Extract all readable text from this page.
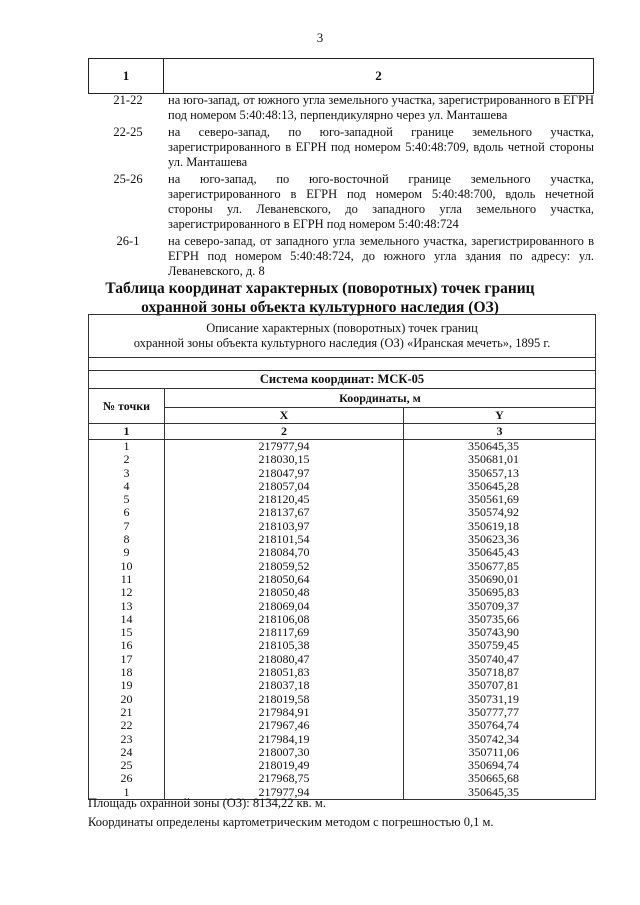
3
1	2
21-22	на юго-запад, от южного угла земельного участка, зарегистрированного в ЕГРН под номером 5:40:48:13, перпендикулярно через ул. Манташева
22-25	на северо-запад, по юго-западной границе земельного участка, зарегистрированного в ЕГРН под номером 5:40:48:709, вдоль четной стороны ул. Манташева
25-26	на юго-запад, по юго-восточной границе земельного участка, зарегистрированного в ЕГРН под номером 5:40:48:700, вдоль нечетной стороны ул. Леваневского, до западного угла земельного участка, зарегистрированного в ЕГРН под номером 5:40:48:724
26-1	на северо-запад, от западного угла земельного участка, зарегистрированного в ЕГРН под номером 5:40:48:724, до южного угла здания по адресу: ул. Леваневского, д. 8
Таблица координат характерных (поворотных) точек границ
охранной зоны объекта культурного наследия (ОЗ)
Описание характерных (поворотных) точек границ
охранной зоны объекта культурного наследия (ОЗ) «Иранская мечеть», 1895 г.		

Система координат: МСК-05		
№ точки	Координаты, м	
	X	Y
1	2	3
1	217977,94	350645,35
2	218030,15	350681,01
3	218047,97	350657,13
4	218057,04	350645,28
5	218120,45	350561,69
6	218137,67	350574,92
7	218103,97	350619,18
8	218101,54	350623,36
9	218084,70	350645,43
10	218059,52	350677,85
11	218050,64	350690,01
12	218050,48	350695,83
13	218069,04	350709,37
14	218106,08	350735,66
15	218117,69	350743,90
16	218105,38	350759,45
17	218080,47	350740,47
18	218051,83	350718,87
19	218037,18	350707,81
20	218019,58	350731,19
21	217984,91	350777,77
22	217967,46	350764,74
23	217984,19	350742,34
24	218007,30	350711,06
25	218019,49	350694,74
26	217968,75	350665,68
1	217977,94	350645,35
Площадь охранной зоны (ОЗ): 8134,22 кв. м.
Координаты определены картометрическим методом с погрешностью 0,1 м.
